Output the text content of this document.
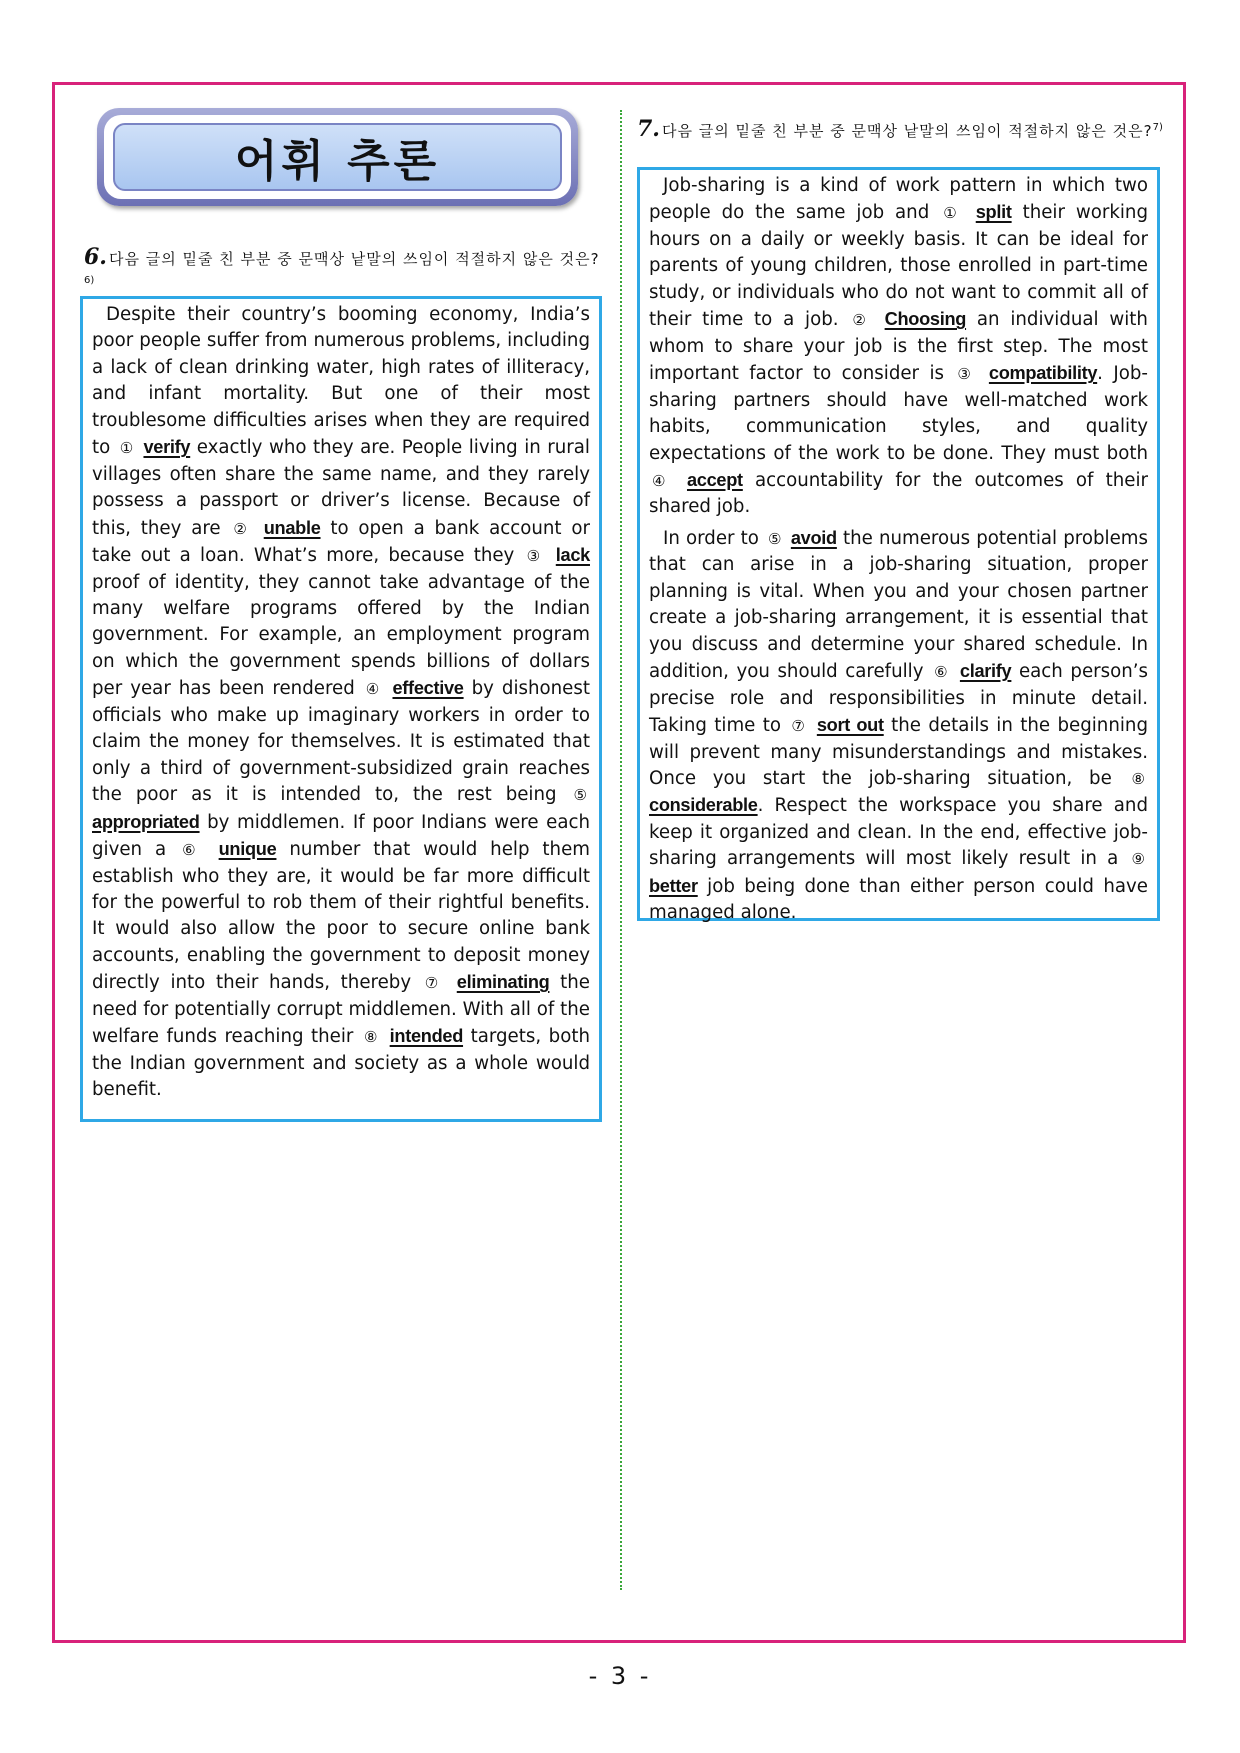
어휘 추론
6. 다음 글의 밑줄 친 부분 중 문맥상 낱말의 쓰임이 적절하지 않은 것은?$^{6)}$

Despite their country’s booming economy, India’s poor people suffer from numerous problems, including a lack of clean drinking water, high rates of illiteracy, and infant mortality. But one of their most troublesome difficulties arises when they are required to ① verify exactly who they are. People living in rural villages often share the same name, and they rarely possess a passport or driver’s license. Because of this, they are ② unable to open a bank account or take out a loan. What’s more, because they ③ lack proof of identity, they cannot take advantage of the many welfare programs offered by the Indian government. For example, an employment program on which the government spends billions of dollars per year has been rendered ④ effective by dishonest officials who make up imaginary workers in order to claim the money for themselves. It is estimated that only a third of government-subsidized grain reaches the poor as it is intended to, the rest being ⑤ appropriated by middlemen. If poor Indians were each given a ⑥ unique number that would help them establish who they are, it would be far more difficult for the powerful to rob them of their rightful benefits. It would also allow the poor to secure online bank accounts, enabling the government to deposit money directly into their hands, thereby ⑦ eliminating the need for potentially corrupt middlemen. With all of the welfare funds reaching their ⑧ intended targets, both the Indian government and society as a whole would benefit.

7. 다음 글의 밑줄 친 부분 중 문맥상 낱말의 쓰임이 적절하지 않은 것은?$^{7)}$

Job-sharing is a kind of work pattern in which two people do the same job and ① split their working hours on a daily or weekly basis. It can be ideal for parents of young children, those enrolled in part-time study, or individuals who do not want to commit all of their time to a job. ② Choosing an individual with whom to share your job is the first step. The most important factor to consider is ③ compatibility. Job-sharing partners should have well-matched work habits, communication styles, and quality expectations of the work to be done. They must both ④ accept accountability for the outcomes of their shared job.

In order to ⑤ avoid the numerous potential problems that can arise in a job-sharing situation, proper planning is vital. When you and your chosen partner create a job-sharing arrangement, it is essential that you discuss and determine your shared schedule. In addition, you should carefully ⑥ clarify each person’s precise role and responsibilities in minute detail. Taking time to ⑦ sort out the details in the beginning will prevent many misunderstandings and mistakes. Once you start the job-sharing situation, be ⑧ considerable. Respect the workspace you share and keep it organized and clean. In the end, effective job-sharing arrangements will most likely result in a ⑨ better job being done than either person could have managed alone.

- 3 -
